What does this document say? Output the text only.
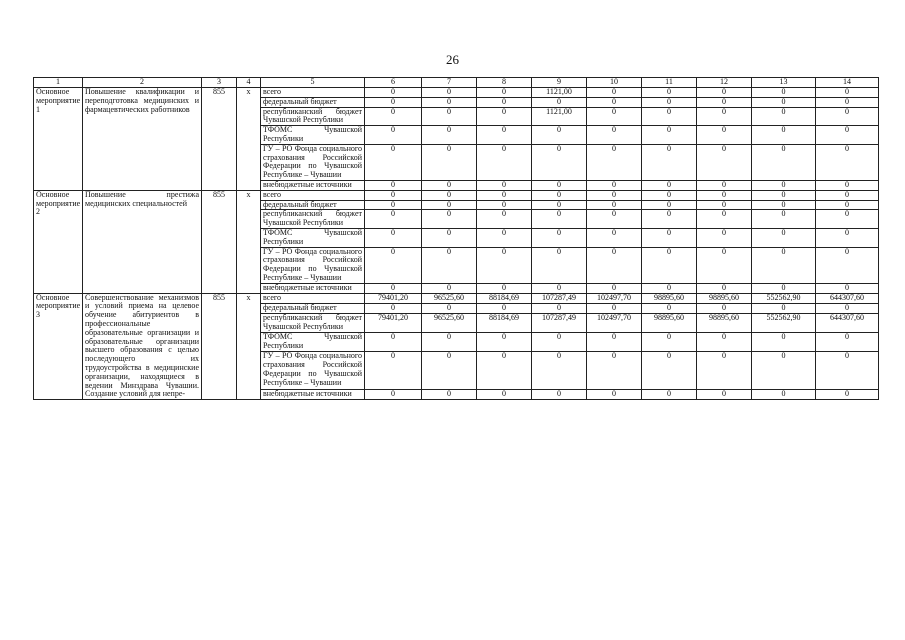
26
1	2	3	4	5	6	7	8	9	10	11	12	13	14
Основное мероприятие 1	Повышение квалификации и переподготовка медицинских и фармацевтических работников	855	х	всего	0	0	0	1121,00	0	0	0	0	0
				федеральный бюджет	0	0	0	0	0	0	0	0	0
				республиканский бюджет Чувашской Республики	0	0	0	1121,00	0	0	0	0	0
				ТФОМС Чувашской Республики	0	0	0	0	0	0	0	0	0
				ГУ – РО Фонда социального страхования Российской Федерации по Чувашской Республике – Чувашии	0	0	0	0	0	0	0	0	0
				внебюджетные источники	0	0	0	0	0	0	0	0	0
Основное мероприятие 2	Повышение престижа медицинских специальностей	855	х	всего	0	0	0	0	0	0	0	0	0
				федеральный бюджет	0	0	0	0	0	0	0	0	0
				республиканский бюджет Чувашской Республики	0	0	0	0	0	0	0	0	0
				ТФОМС Чувашской Республики	0	0	0	0	0	0	0	0	0
				ГУ – РО Фонда социального страхования Российской Федерации по Чувашской Республике – Чувашии	0	0	0	0	0	0	0	0	0
				внебюджетные источники	0	0	0	0	0	0	0	0	0
Основное мероприятие 3	Совершенствование механизмов и условий приема на целевое обучение абитуриентов в профессиональные образовательные организации и образовательные организации высшего образования с целью последующего их трудоустройства в медицинские организации, находящиеся в ведении Минздрава Чувашии. Создание условий для непре-	855	х	всего	79401,20	96525,60	88184,69	107287,49	102497,70	98895,60	98895,60	552562,90	644307,60
				федеральный бюджет	0	0	0	0	0	0	0	0	0
				республиканский бюджет Чувашской Республики	79401,20	96525,60	88184,69	107287,49	102497,70	98895,60	98895,60	552562,90	644307,60
				ТФОМС Чувашской Республики	0	0	0	0	0	0	0	0	0
				ГУ – РО Фонда социального страхования Российской Федерации по Чувашской Республике – Чувашии	0	0	0	0	0	0	0	0	0
				внебюджетные источники	0	0	0	0	0	0	0	0	0
